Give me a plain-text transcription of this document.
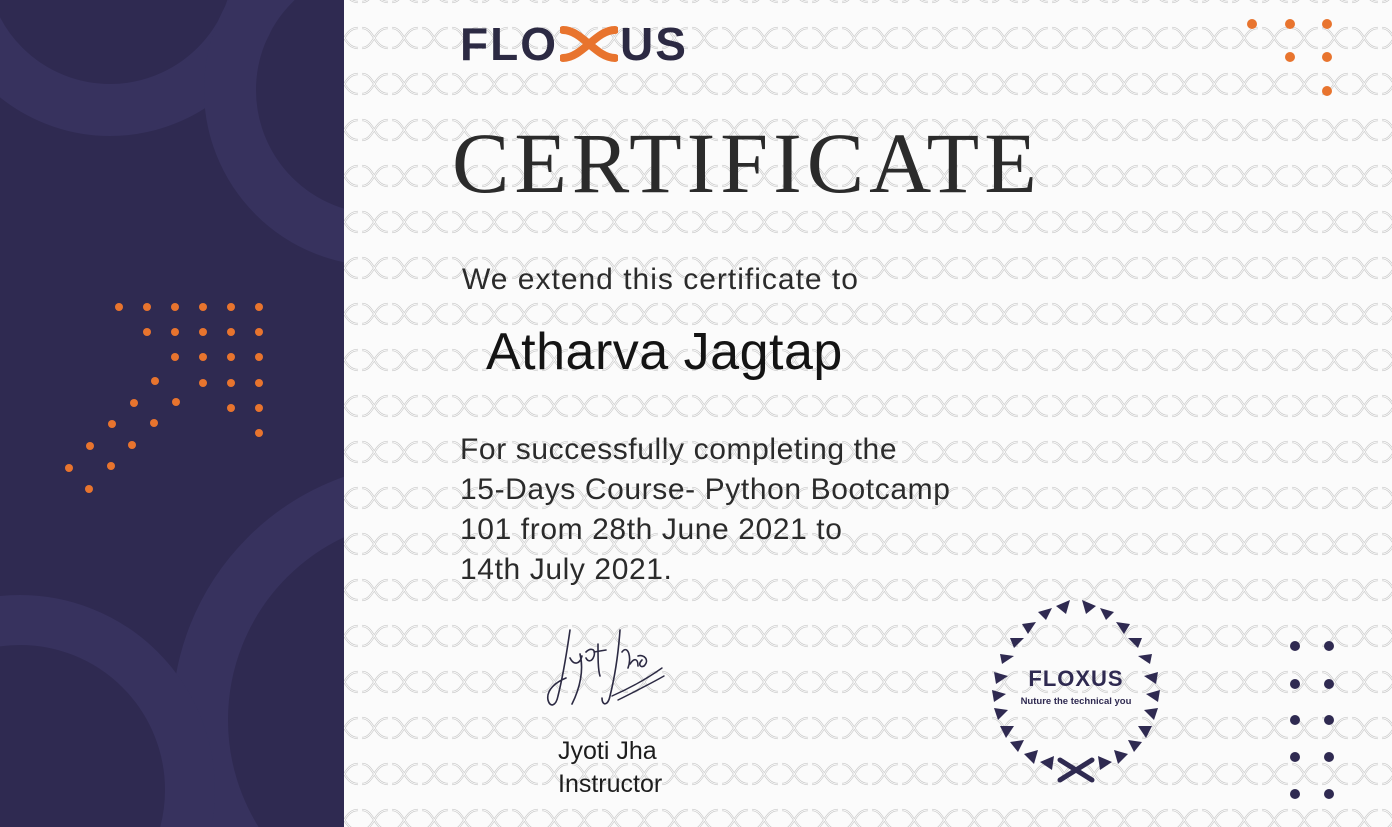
FLO US
CERTIFICATE
We extend this certificate to
Atharva Jagtap
For successfully completing the
15-Days Course- Python Bootcamp
101 from 28th June 2021 to
14th July 2021.
Jyoti Jha
Instructor
FLOXUS
Nuture the technical you
